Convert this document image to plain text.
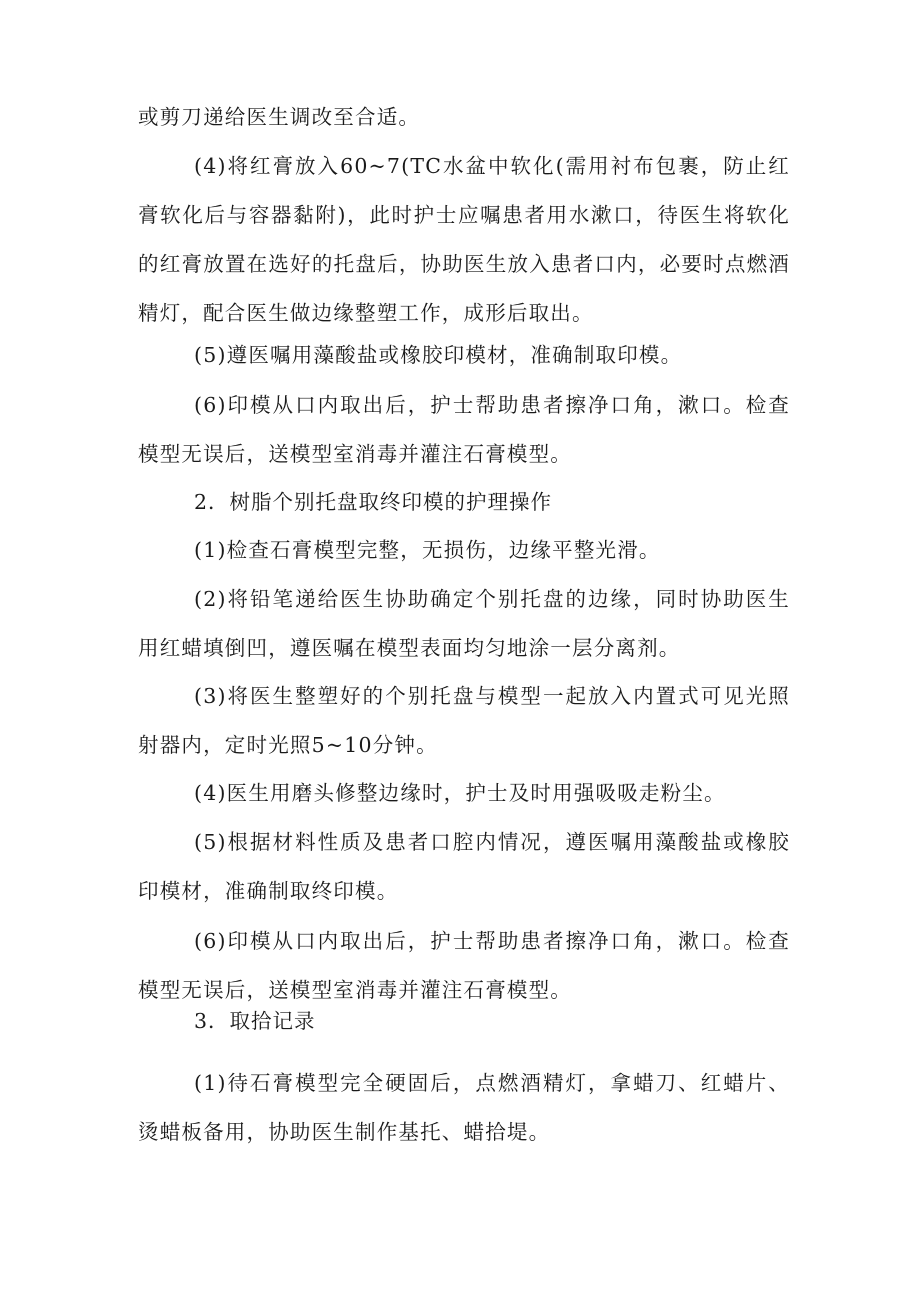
或剪刀递给医生调改至合适。

(4)将红膏放入60~7(TC水盆中软化(需用衬布包裹，防止红膏软化后与容器黏附)，此时护士应嘱患者用水漱口，待医生将软化的红膏放置在选好的托盘后，协助医生放入患者口内，必要时点燃酒精灯，配合医生做边缘整塑工作，成形后取出。

(5)遵医嘱用藻酸盐或橡胶印模材，准确制取印模。

(6)印模从口内取出后，护士帮助患者擦净口角，漱口。检查模型无误后，送模型室消毒并灌注石膏模型。

2．树脂个别托盘取终印模的护理操作

(1)检查石膏模型完整，无损伤，边缘平整光滑。

(2)将铅笔递给医生协助确定个别托盘的边缘，同时协助医生用红蜡填倒凹，遵医嘱在模型表面均匀地涂一层分离剂。

(3)将医生整塑好的个别托盘与模型一起放入内置式可见光照射器内，定时光照5~10分钟。

(4)医生用磨头修整边缘时，护士及时用强吸吸走粉尘。

(5)根据材料性质及患者口腔内情况，遵医嘱用藻酸盐或橡胶印模材，准确制取终印模。

(6)印模从口内取出后，护士帮助患者擦净口角，漱口。检查模型无误后，送模型室消毒并灌注石膏模型。

3．取拾记录

(1)待石膏模型完全硬固后，点燃酒精灯，拿蜡刀、红蜡片、烫蜡板备用，协助医生制作基托、蜡拾堤。
